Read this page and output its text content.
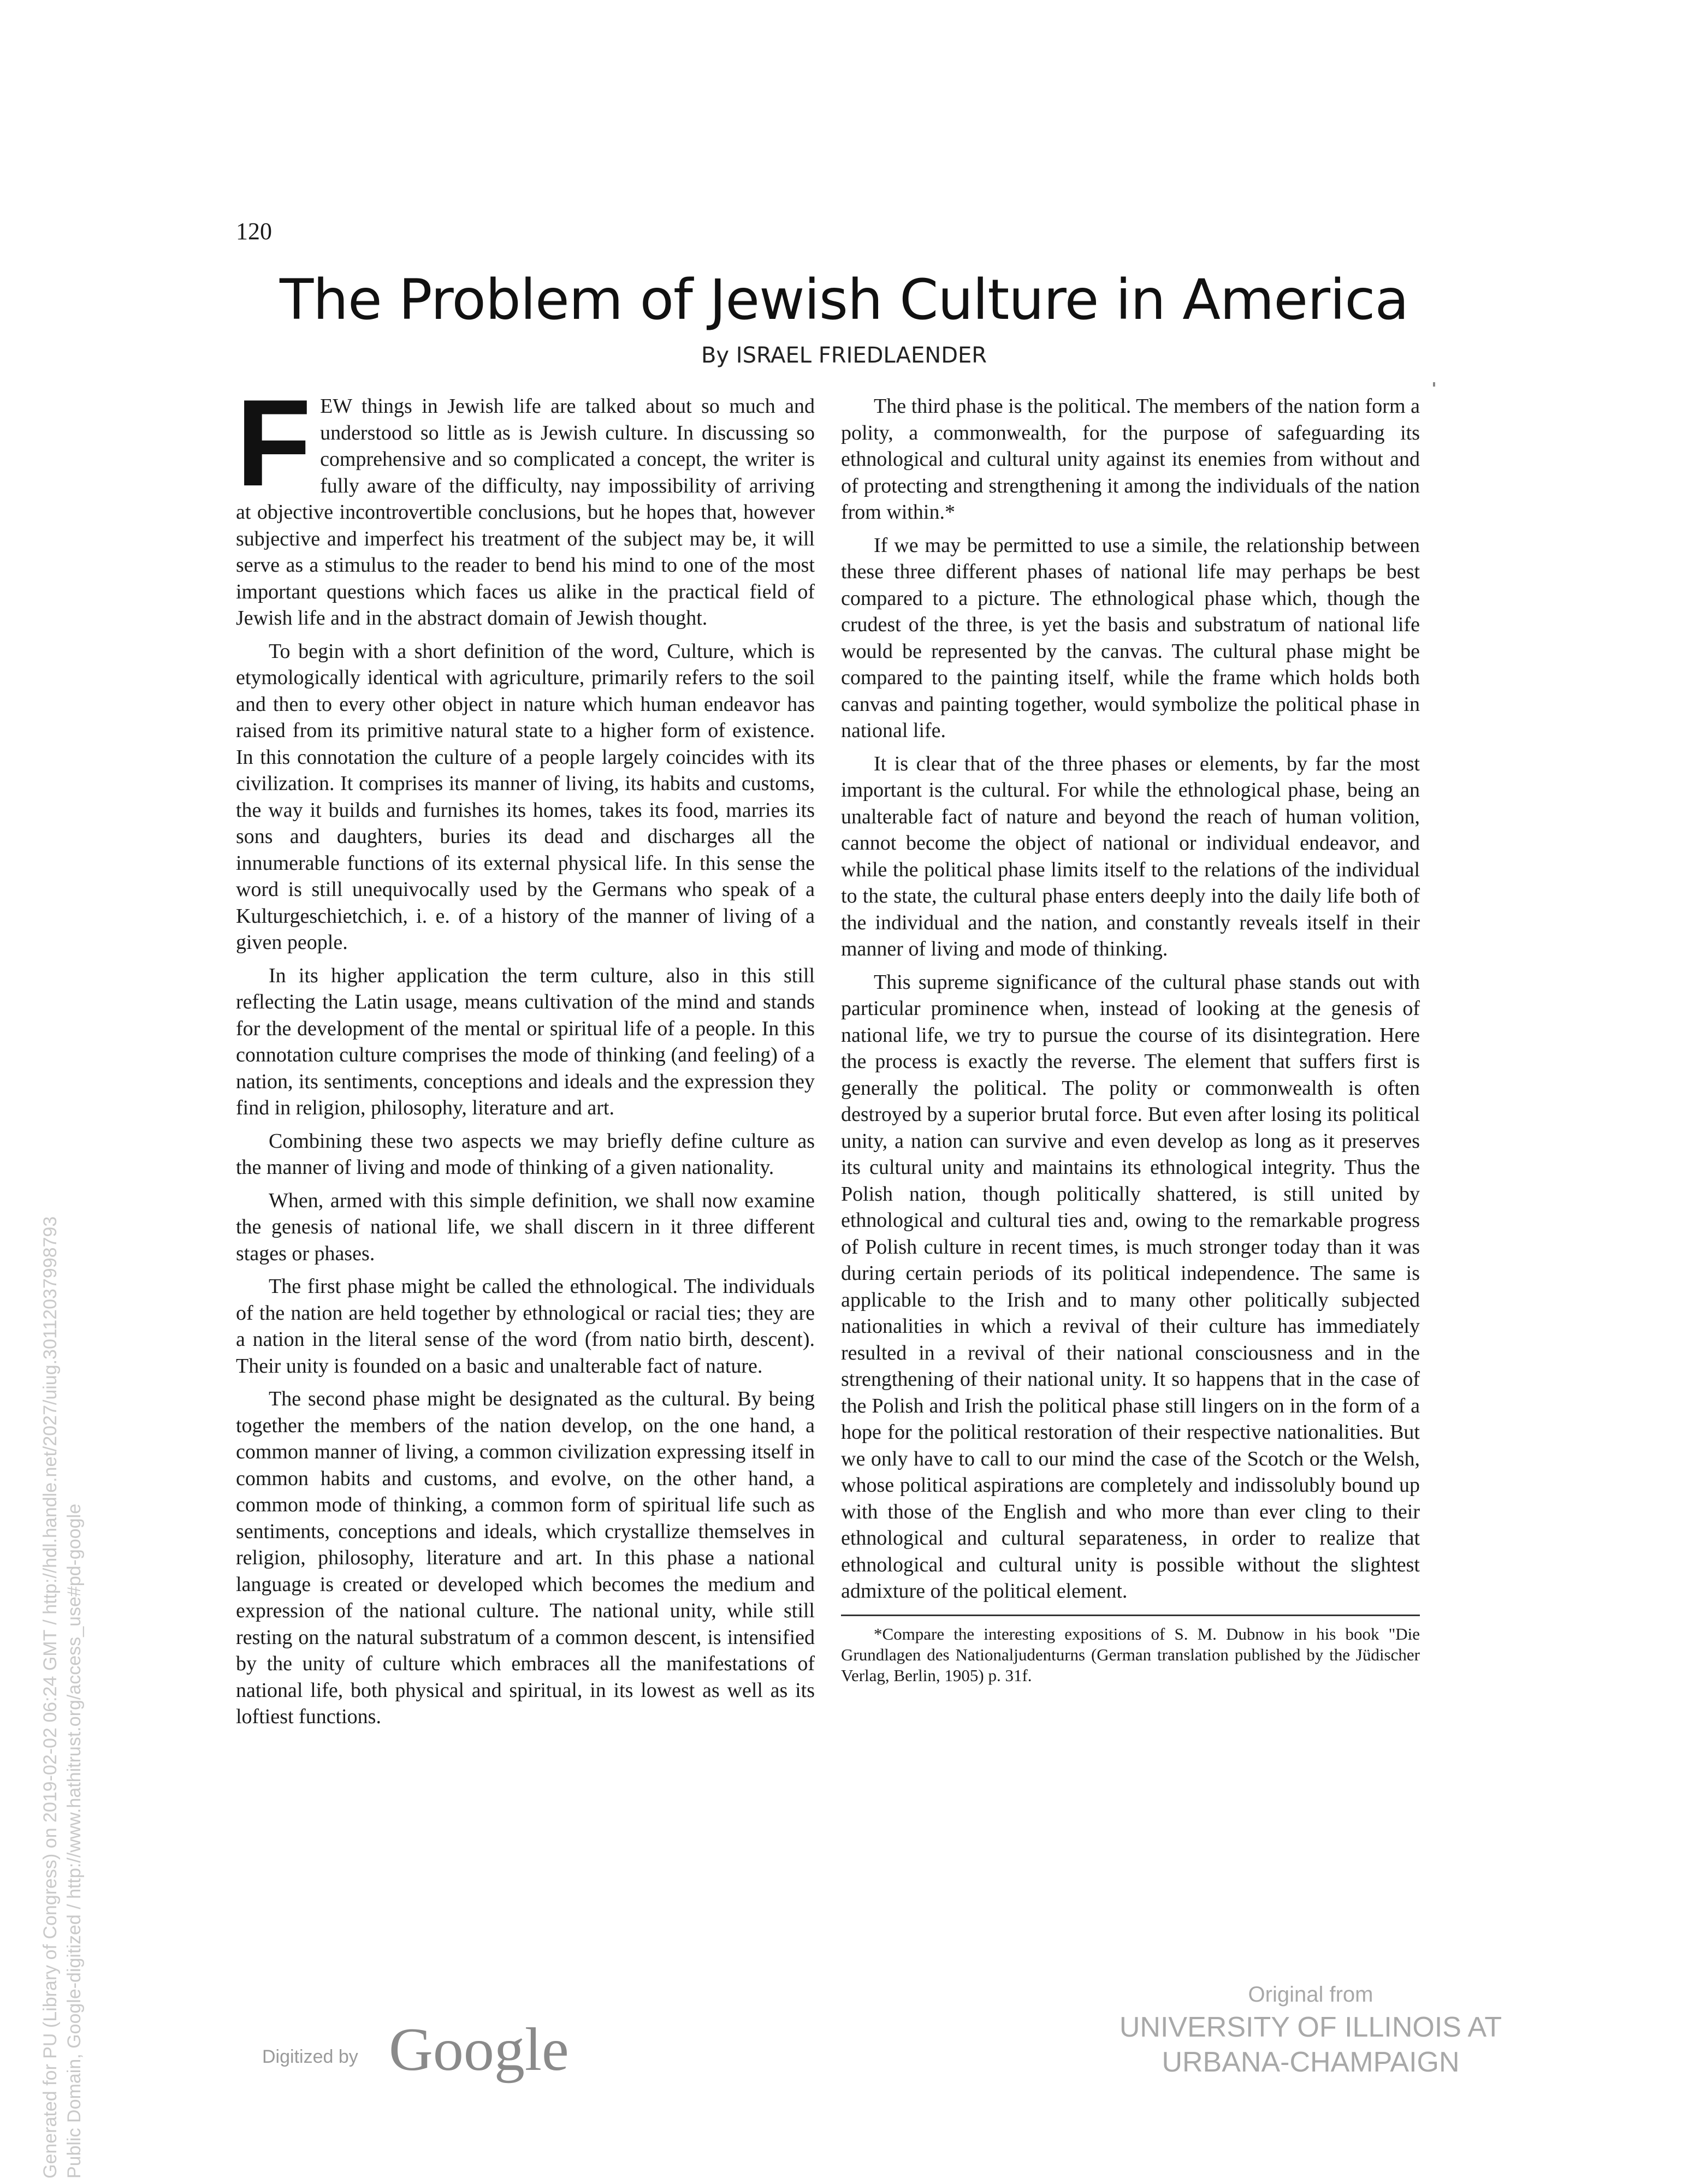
120
The Problem of Jewish Culture in America
By ISRAEL FRIEDLAENDER

FEW things in Jewish life are talked about so much and understood so little as is Jewish culture. In discussing so comprehensive and so complicated a concept, the writer is fully aware of the difficulty, nay impossibility of arriving at objective incontrovertible conclusions, but he hopes that, however subjective and imperfect his treatment of the subject may be, it will serve as a stimulus to the reader to bend his mind to one of the most important questions which faces us alike in the practical field of Jewish life and in the abstract domain of Jewish thought.

To begin with a short definition of the word, Culture, which is etymologically identical with agriculture, primarily refers to the soil and then to every other object in nature which human endeavor has raised from its primitive natural state to a higher form of existence. In this connotation the culture of a people largely coincides with its civilization. It comprises its manner of living, its habits and customs, the way it builds and furnishes its homes, takes its food, marries its sons and daughters, buries its dead and discharges all the innumerable functions of its external physical life. In this sense the word is still unequivocally used by the Germans who speak of a Kulturgeschietchich, i. e. of a history of the manner of living of a given people.

In its higher application the term culture, also in this still reflecting the Latin usage, means cultivation of the mind and stands for the development of the mental or spiritual life of a people. In this connotation culture comprises the mode of thinking (and feeling) of a nation, its sentiments, conceptions and ideals and the expression they find in religion, philosophy, literature and art.

Combining these two aspects we may briefly define culture as the manner of living and mode of thinking of a given nationality.

When, armed with this simple definition, we shall now examine the genesis of national life, we shall discern in it three different stages or phases.

The first phase might be called the ethnological. The individuals of the nation are held together by ethnological or racial ties; they are a nation in the literal sense of the word (from natio birth, descent). Their unity is founded on a basic and unalterable fact of nature.

The second phase might be designated as the cultural. By being together the members of the nation develop, on the one hand, a common manner of living, a common civilization expressing itself in common habits and customs, and evolve, on the other hand, a common mode of thinking, a common form of spiritual life such as sentiments, conceptions and ideals, which crystallize themselves in religion, philosophy, literature and art. In this phase a national language is created or developed which becomes the medium and expression of the national culture. The national unity, while still resting on the natural substratum of a common descent, is intensified by the unity of culture which embraces all the manifestations of national life, both physical and spiritual, in its lowest as well as its loftiest functions.

The third phase is the political. The members of the nation form a polity, a commonwealth, for the purpose of safeguarding its ethnological and cultural unity against its enemies from without and of protecting and strengthening it among the individuals of the nation from within.*

If we may be permitted to use a simile, the relationship between these three different phases of national life may perhaps be best compared to a picture. The ethnological phase which, though the crudest of the three, is yet the basis and substratum of national life would be represented by the canvas. The cultural phase might be compared to the painting itself, while the frame which holds both canvas and painting together, would symbolize the political phase in national life.

It is clear that of the three phases or elements, by far the most important is the cultural. For while the ethnological phase, being an unalterable fact of nature and beyond the reach of human volition, cannot become the object of national or individual endeavor, and while the political phase limits itself to the relations of the individual to the state, the cultural phase enters deeply into the daily life both of the individual and the nation, and constantly reveals itself in their manner of living and mode of thinking.

This supreme significance of the cultural phase stands out with particular prominence when, instead of looking at the genesis of national life, we try to pursue the course of its disintegration. Here the process is exactly the reverse. The element that suffers first is generally the political. The polity or commonwealth is often destroyed by a superior brutal force. But even after losing its political unity, a nation can survive and even develop as long as it preserves its cultural unity and maintains its ethnological integrity. Thus the Polish nation, though politically shattered, is still united by ethnological and cultural ties and, owing to the remarkable progress of Polish culture in recent times, is much stronger today than it was during certain periods of its political independence. The same is applicable to the Irish and to many other politically subjected nationalities in which a revival of their culture has immediately resulted in a revival of their national consciousness and in the strengthening of their national unity. It so happens that in the case of the Polish and Irish the political phase still lingers on in the form of a hope for the political restoration of their respective nationalities. But we only have to call to our mind the case of the Scotch or the Welsh, whose political aspirations are completely and indissolubly bound up with those of the English and who more than ever cling to their ethnological and cultural separateness, in order to realize that ethnological and cultural unity is possible without the slightest admixture of the political element.

*Compare the interesting expositions of S. M. Dubnow in his book "Die Grundlagen des Nationaljudenturns (German translation published by the Jüdischer Verlag, Berlin, 1905) p. 31f.

Generated for PU (Library of Congress) on 2019-02-02 06:24 GMT / http://hdl.handle.net/2027/uiug.30112037998793 Public Domain, Google-digitized / http://www.hathitrust.org/access_use#pd-google	Digitized by Google
Original from
UNIVERSITY OF ILLINOIS AT
URBANA-CHAMPAIGN
